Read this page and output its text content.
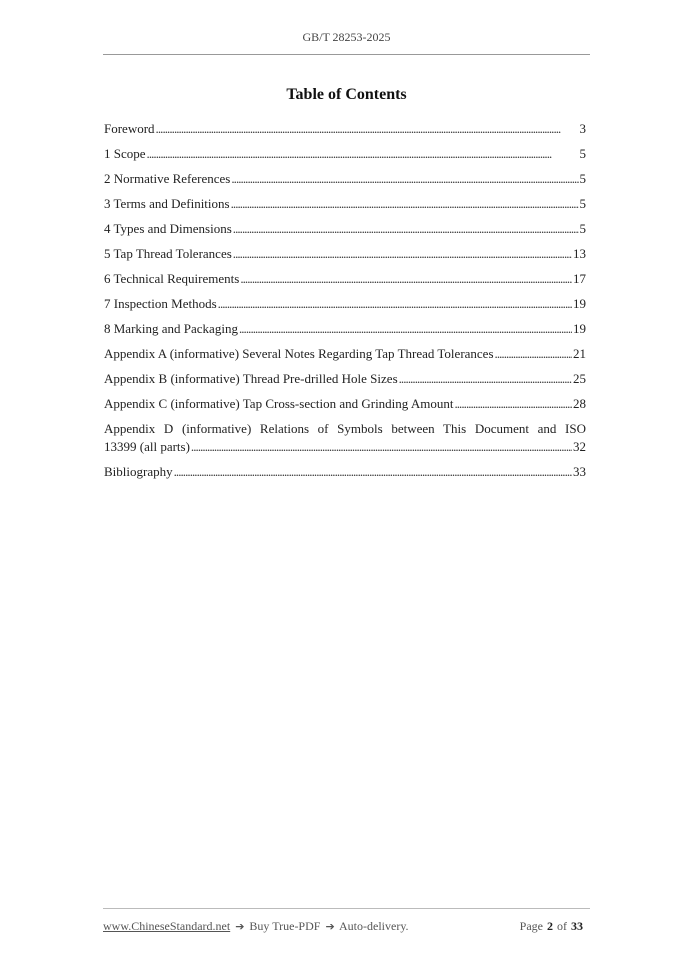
GB/T 28253-2025
Table of Contents
Foreword . . .	3
1 Scope . . .	5
2 Normative References . . .	5
3 Terms and Definitions . . .	5
4 Types and Dimensions . . .	5
5 Tap Thread Tolerances . . .	13
6 Technical Requirements . . .	17
7 Inspection Methods . . .	19
8 Marking and Packaging . . .	19
Appendix A (informative) Several Notes Regarding Tap Thread Tolerances . . .	21
Appendix B (informative) Thread Pre-drilled Hole Sizes . . .	25
Appendix C (informative) Tap Cross-section and Grinding Amount . . .	28
Appendix D (informative) Relations of Symbols between This Document and ISO
13399 (all parts) . . .	32
Bibliography . . .	33
www.ChineseStandard.net ➔ Buy True-PDF ➔ Auto-delivery.	Page 2 of 33
